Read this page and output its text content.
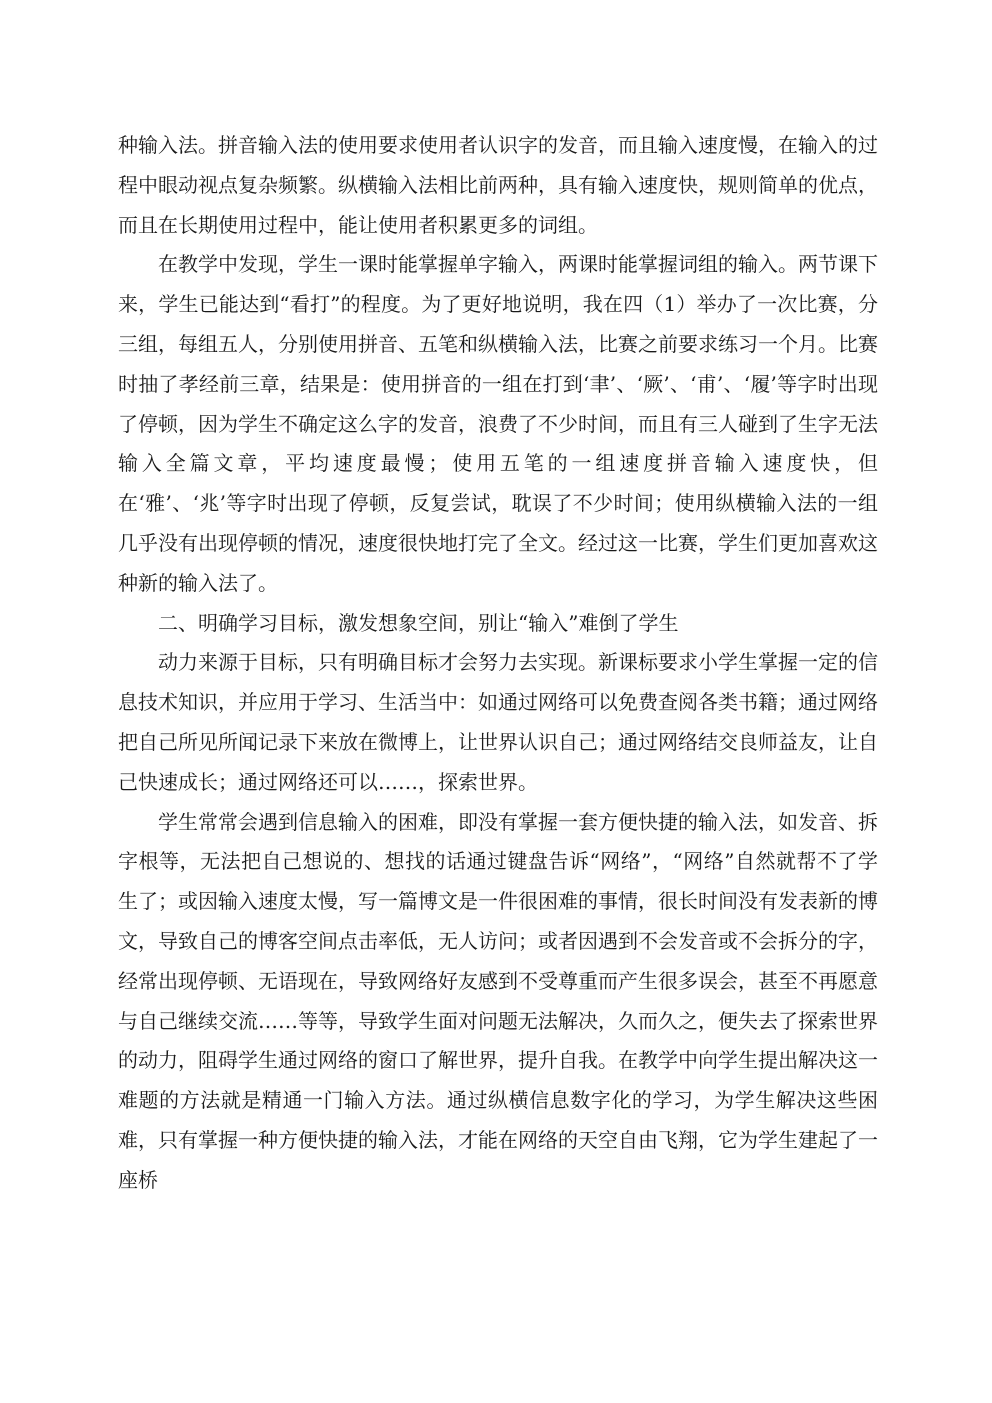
种输入法。拼音输入法的使用要求使用者认识字的发音，而且输入速度慢，在输入的过程中眼动视点复杂频繁。纵横输入法相比前两种，具有输入速度快，规则简单的优点，而且在长期使用过程中，能让使用者积累更多的词组。

在教学中发现，学生一课时能掌握单字输入，两课时能掌握词组的输入。两节课下来，学生已能达到“看打”的程度。为了更好地说明，我在四（1）举办了一次比赛，分三组，每组五人，分别使用拼音、五笔和纵横输入法，比赛之前要求练习一个月。比赛时抽了孝经前三章，结果是：使用拼音的一组在打到‘聿’、‘厥’、‘甫’、‘履’等字时出现了停顿，因为学生不确定这么字的发音，浪费了不少时间，而且有三人碰到了生字无法输入全篇文章，平均速度最慢；使用五笔的一组速度拼音输入速度快，但在‘雅’、‘兆’等字时出现了停顿，反复尝试，耽误了不少时间；使用纵横输入法的一组几乎没有出现停顿的情况，速度很快地打完了全文。经过这一比赛，学生们更加喜欢这种新的输入法了。

二、明确学习目标，激发想象空间，别让“输入”难倒了学生

动力来源于目标，只有明确目标才会努力去实现。新课标要求小学生掌握一定的信息技术知识，并应用于学习、生活当中：如通过网络可以免费查阅各类书籍；通过网络把自己所见所闻记录下来放在微博上，让世界认识自己；通过网络结交良师益友，让自己快速成长；通过网络还可以……，探索世界。

学生常常会遇到信息输入的困难，即没有掌握一套方便快捷的输入法，如发音、拆字根等，无法把自己想说的、想找的话通过键盘告诉“网络”，“网络”自然就帮不了学生了；或因输入速度太慢，写一篇博文是一件很困难的事情，很长时间没有发表新的博文，导致自己的博客空间点击率低，无人访问；或者因遇到不会发音或不会拆分的字，经常出现停顿、无语现在，导致网络好友感到不受尊重而产生很多误会，甚至不再愿意与自己继续交流……等等，导致学生面对问题无法解决，久而久之，便失去了探索世界的动力，阻碍学生通过网络的窗口了解世界，提升自我。在教学中向学生提出解决这一难题的方法就是精通一门输入方法。通过纵横信息数字化的学习，为学生解决这些困难，只有掌握一种方便快捷的输入法，才能在网络的天空自由飞翔，它为学生建起了一座桥
